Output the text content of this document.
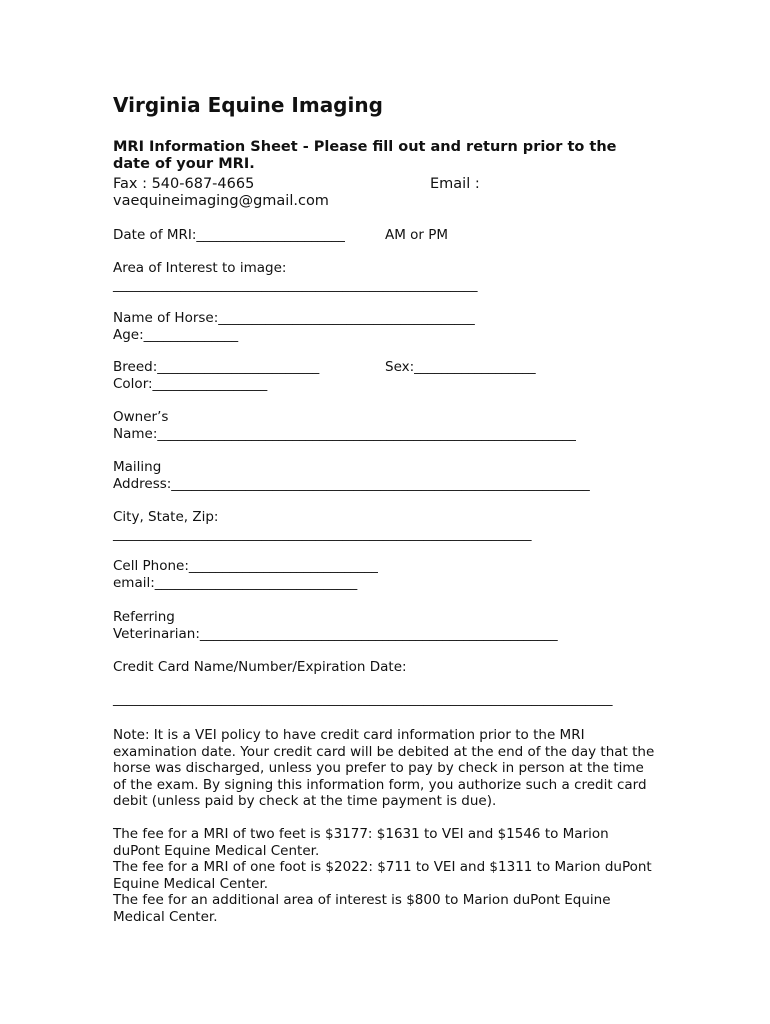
Virginia Equine Imaging
MRI Information Sheet - Please fill out and return prior to the date of your MRI.
Fax : 540-687-4665	Email :
vaequineimaging@gmail.com
Date of MRI:______________________	AM or PM
Area of Interest to image:
______________________________________________________
Name of Horse:______________________________________
Age:______________
Breed:________________________	Sex:__________________
Color:_________________
Owner’s
Name:______________________________________________________________
Mailing
Address:______________________________________________________________
City, State, Zip:
______________________________________________________________
Cell Phone:____________________________
email:______________________________
Referring
Veterinarian:_____________________________________________________
Credit Card Name/Number/Expiration Date:
__________________________________________________________________________
Note: It is a VEI policy to have credit card information prior to the MRI examination date. Your credit card will be debited at the end of the day that the horse was discharged, unless you prefer to pay by check in person at the time of the exam. By signing this information form, you authorize such a credit card debit (unless paid by check at the time payment is due).
The fee for a MRI of two feet is $3177: $1631 to VEI and $1546 to Marion duPont Equine Medical Center.
The fee for a MRI of one foot is $2022: $711 to VEI and $1311 to Marion duPont Equine Medical Center.
The fee for an additional area of interest is $800 to Marion duPont Equine Medical Center.
